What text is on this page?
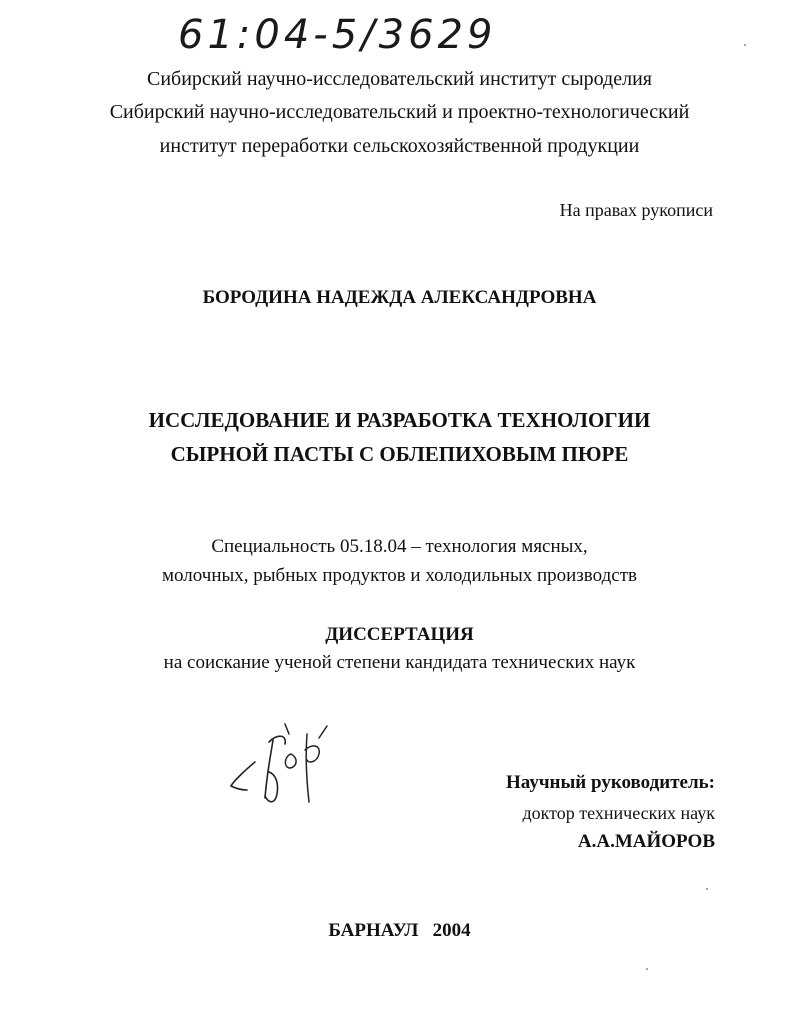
61:04-5/3629
Сибирский научно-исследовательский институт сыроделия
Сибирский научно-исследовательский и проектно-технологический
институт переработки сельскохозяйственной продукции
На правах рукописи
БОРОДИНА НАДЕЖДА АЛЕКСАНДРОВНА
ИССЛЕДОВАНИЕ И РАЗРАБОТКА ТЕХНОЛОГИИ
СЫРНОЙ ПАСТЫ С ОБЛЕПИХОВЫМ ПЮРЕ
Специальность 05.18.04 – технология мясных,
молочных, рыбных продуктов и холодильных производств
ДИССЕРТАЦИЯ
на соискание ученой степени кандидата технических наук
Научный руководитель:
доктор технических наук
А.А.МАЙОРОВ
БАРНАУЛ   2004
